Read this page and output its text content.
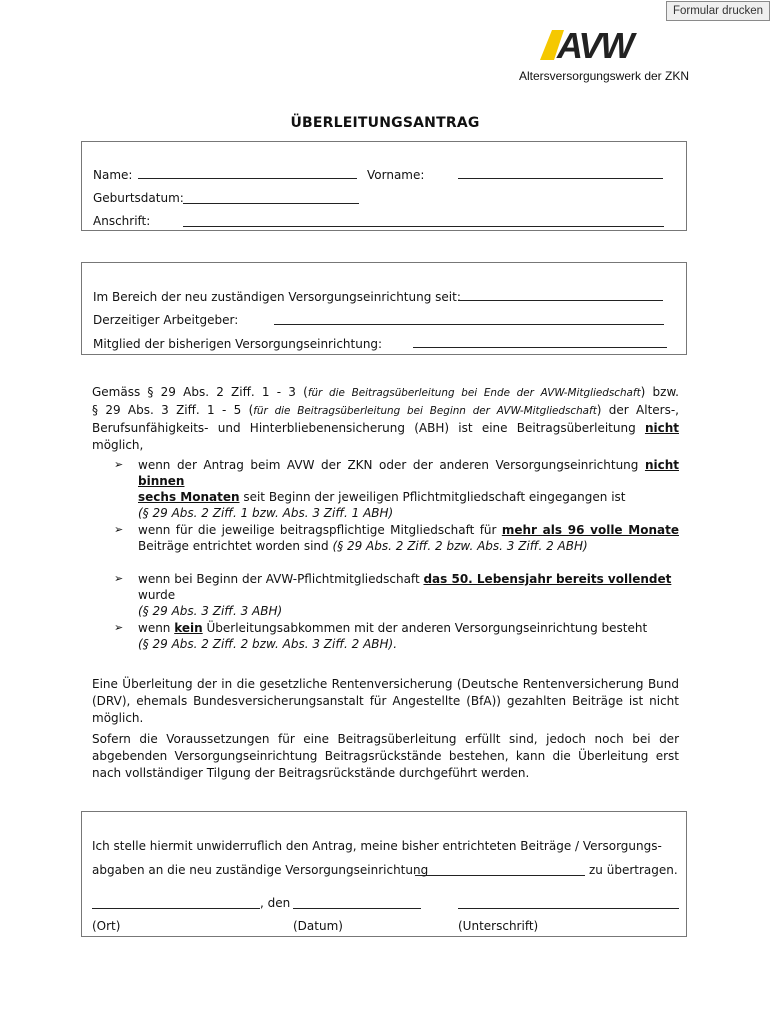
Formular drucken
AVW
Altersversorgungswerk der ZKN
ÜBERLEITUNGSANTRAG
Name:	Vorname:
Geburtsdatum:
Anschrift:
Im Bereich der neu zuständigen Versorgungseinrichtung seit:
Derzeitiger Arbeitgeber:
Mitglied der bisherigen Versorgungseinrichtung:
Gemäss § 29 Abs. 2 Ziff. 1 - 3 (für die Beitragsüberleitung bei Ende der AVW-Mitgliedschaft) bzw.
§ 29 Abs. 3 Ziff. 1 - 5 (für die Beitragsüberleitung bei Beginn der AVW-Mitgliedschaft) der Alters-,
Berufsunfähigkeits- und Hinterbliebenensicherung (ABH) ist eine Beitragsüberleitung nicht möglich,
➢ wenn der Antrag beim AVW der ZKN oder der anderen Versorgungseinrichtung nicht binnen
sechs Monaten seit Beginn der jeweiligen Pflichtmitgliedschaft eingegangen ist
(§ 29 Abs. 2 Ziff. 1 bzw. Abs. 3 Ziff. 1 ABH)
➢ wenn für die jeweilige beitragspflichtige Mitgliedschaft für mehr als 96 volle Monate
Beiträge entrichtet worden sind (§ 29 Abs. 2 Ziff. 2 bzw. Abs. 3 Ziff. 2 ABH)
➢ wenn bei Beginn der AVW-Pflichtmitgliedschaft das 50. Lebensjahr bereits vollendet wurde
(§ 29 Abs. 3 Ziff. 3 ABH)
➢ wenn kein Überleitungsabkommen mit der anderen Versorgungseinrichtung besteht
(§ 29 Abs. 2 Ziff. 2 bzw. Abs. 3 Ziff. 2 ABH).
Eine Überleitung der in die gesetzliche Rentenversicherung (Deutsche Rentenversicherung Bund (DRV), ehemals Bundesversicherungsanstalt für Angestellte (BfA)) gezahlten Beiträge ist nicht möglich.
Sofern die Voraussetzungen für eine Beitragsüberleitung erfüllt sind, jedoch noch bei der abgebenden Versorgungseinrichtung Beitragsrückstände bestehen, kann die Überleitung erst nach vollständiger Tilgung der Beitragsrückstände durchgeführt werden.
Ich stelle hiermit unwiderruflich den Antrag, meine bisher entrichteten Beiträge / Versorgungs-
abgaben an die neu zuständige Versorgungseinrichtung	zu übertragen.
, den
(Ort)	(Datum)	(Unterschrift)
